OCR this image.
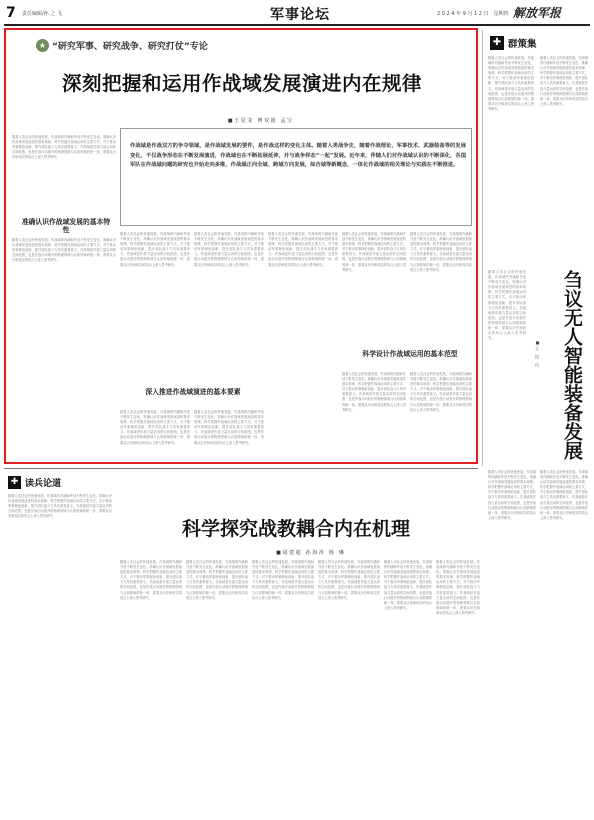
7 责任编辑/孙 之 飞	军事论坛	2 0 2 4 年 9 月 1 2 日　星期四 解放军报
★ “研究军事、研究战争、研究打仗”专论
深刻把握和运用作战域发展演进内在规律
■ 王 显 龙　傅 双 圆　孟 宝
随着人类社会的快速发展，作战域的内涵和外延不断发生变化。准确认识作战域发展演进的基本规律，科学把握作战域运用的主要方式，对于推动军事理论创新、提升部队战斗力具有重要意义。作战域是作战力量运用的空间范围，也是作战行动展开的物理领域与认知领域的统一体，需要从历史和现实的结合上深入思考研究。
作战域是作战双方的争夺领域，是作战域发展的要件，是作战这样的变化主体。随着人类战争史，随着作战理论，军事技术、武器装备等的发展变化，不仅战争形态在不断发展演进，作战域也在不断拓展延伸，并与战争样态“一起”发展。近年来，伴随人们对作战域认识的不断深化，各国军队在作战域问题的研究也开始走向多维，作战域正向全域、跨域方向发展，综合域等新概念，一体化作战域的相关理论与实践在不断推进。
准确认识作战域发展的基本特性
随着人类社会的快速发展，作战域的内涵和外延不断发生变化。准确认识作战域发展演进的基本规律，科学把握作战域运用的主要方式，对于推动军事理论创新、提升部队战斗力具有重要意义。作战域是作战力量运用的空间范围，也是作战行动展开的物理领域与认知领域的统一体，需要从历史和现实的结合上深入思考研究。
随着人类社会的快速发展，作战域的内涵和外延不断发生变化。准确认识作战域发展演进的基本规律，科学把握作战域运用的主要方式，对于推动军事理论创新、提升部队战斗力具有重要意义。作战域是作战力量运用的空间范围，也是作战行动展开的物理领域与认知领域的统一体，需要从历史和现实的结合上深入思考研究。
随着人类社会的快速发展，作战域的内涵和外延不断发生变化。准确认识作战域发展演进的基本规律，科学把握作战域运用的主要方式，对于推动军事理论创新、提升部队战斗力具有重要意义。作战域是作战力量运用的空间范围，也是作战行动展开的物理领域与认知领域的统一体，需要从历史和现实的结合上深入思考研究。
深入推进作战域演进的基本要素
随着人类社会的快速发展，作战域的内涵和外延不断发生变化。准确认识作战域发展演进的基本规律，科学把握作战域运用的主要方式，对于推动军事理论创新、提升部队战斗力具有重要意义。作战域是作战力量运用的空间范围，也是作战行动展开的物理领域与认知领域的统一体，需要从历史和现实的结合上深入思考研究。
随着人类社会的快速发展，作战域的内涵和外延不断发生变化。准确认识作战域发展演进的基本规律，科学把握作战域运用的主要方式，对于推动军事理论创新、提升部队战斗力具有重要意义。作战域是作战力量运用的空间范围，也是作战行动展开的物理领域与认知领域的统一体，需要从历史和现实的结合上深入思考研究。
随着人类社会的快速发展，作战域的内涵和外延不断发生变化。准确认识作战域发展演进的基本规律，科学把握作战域运用的主要方式，对于推动军事理论创新、提升部队战斗力具有重要意义。作战域是作战力量运用的空间范围，也是作战行动展开的物理领域与认知领域的统一体，需要从历史和现实的结合上深入思考研究。
随着人类社会的快速发展，作战域的内涵和外延不断发生变化。准确认识作战域发展演进的基本规律，科学把握作战域运用的主要方式，对于推动军事理论创新、提升部队战斗力具有重要意义。作战域是作战力量运用的空间范围，也是作战行动展开的物理领域与认知领域的统一体，需要从历史和现实的结合上深入思考研究。
科学设计作战域运用的基本范型
随着人类社会的快速发展，作战域的内涵和外延不断发生变化。准确认识作战域发展演进的基本规律，科学把握作战域运用的主要方式，对于推动军事理论创新、提升部队战斗力具有重要意义。作战域是作战力量运用的空间范围，也是作战行动展开的物理领域与认知领域的统一体，需要从历史和现实的结合上深入思考研究。
随着人类社会的快速发展，作战域的内涵和外延不断发生变化。准确认识作战域发展演进的基本规律，科学把握作战域运用的主要方式，对于推动军事理论创新、提升部队战斗力具有重要意义。作战域是作战力量运用的空间范围，也是作战行动展开的物理领域与认知领域的统一体，需要从历史和现实的结合上深入思考研究。
随着人类社会的快速发展，作战域的内涵和外延不断发生变化。准确认识作战域发展演进的基本规律，科学把握作战域运用的主要方式，对于推动军事理论创新、提升部队战斗力具有重要意义。作战域是作战力量运用的空间范围，也是作战行动展开的物理领域与认知领域的统一体，需要从历史和现实的结合上深入思考研究。
✚ 群策集
随着人类社会的快速发展，作战域的内涵和外延不断发生变化。准确认识作战域发展演进的基本规律，科学把握作战域运用的主要方式，对于推动军事理论创新、提升部队战斗力具有重要意义。作战域是作战力量运用的空间范围，也是作战行动展开的物理领域与认知领域的统一体，需要从历史和现实的结合上深入思考研究。
随着人类社会的快速发展，作战域的内涵和外延不断发生变化。准确认识作战域发展演进的基本规律，科学把握作战域运用的主要方式，对于推动军事理论创新、提升部队战斗力具有重要意义。作战域是作战力量运用的空间范围，也是作战行动展开的物理领域与认知领域的统一体，需要从历史和现实的结合上深入思考研究。
刍议无人智能装备发展
■ 王　昆　山
随着人类社会的快速发展，作战域的内涵和外延不断发生变化。准确认识作战域发展演进的基本规律，科学把握作战域运用的主要方式，对于推动军事理论创新、提升部队战斗力具有重要意义。作战域是作战力量运用的空间范围，也是作战行动展开的物理领域与认知领域的统一体，需要从历史和现实的结合上深入思考研究。
随着人类社会的快速发展，作战域的内涵和外延不断发生变化。准确认识作战域发展演进的基本规律，科学把握作战域运用的主要方式，对于推动军事理论创新、提升部队战斗力具有重要意义。作战域是作战力量运用的空间范围，也是作战行动展开的物理领域与认知领域的统一体，需要从历史和现实的结合上深入思考研究。
随着人类社会的快速发展，作战域的内涵和外延不断发生变化。准确认识作战域发展演进的基本规律，科学把握作战域运用的主要方式，对于推动军事理论创新、提升部队战斗力具有重要意义。作战域是作战力量运用的空间范围，也是作战行动展开的物理领域与认知领域的统一体，需要从历史和现实的结合上深入思考研究。
✚ 读兵论道
随着人类社会的快速发展，作战域的内涵和外延不断发生变化。准确认识作战域发展演进的基本规律，科学把握作战域运用的主要方式，对于推动军事理论创新、提升部队战斗力具有重要意义。作战域是作战力量运用的空间范围，也是作战行动展开的物理领域与认知领域的统一体，需要从历史和现实的结合上深入思考研究。
科学探究战教耦合内在机理
■ 胡 建 超　孙 海 涛　杨　琳
随着人类社会的快速发展，作战域的内涵和外延不断发生变化。准确认识作战域发展演进的基本规律，科学把握作战域运用的主要方式，对于推动军事理论创新、提升部队战斗力具有重要意义。作战域是作战力量运用的空间范围，也是作战行动展开的物理领域与认知领域的统一体，需要从历史和现实的结合上深入思考研究。
随着人类社会的快速发展，作战域的内涵和外延不断发生变化。准确认识作战域发展演进的基本规律，科学把握作战域运用的主要方式，对于推动军事理论创新、提升部队战斗力具有重要意义。作战域是作战力量运用的空间范围，也是作战行动展开的物理领域与认知领域的统一体，需要从历史和现实的结合上深入思考研究。
随着人类社会的快速发展，作战域的内涵和外延不断发生变化。准确认识作战域发展演进的基本规律，科学把握作战域运用的主要方式，对于推动军事理论创新、提升部队战斗力具有重要意义。作战域是作战力量运用的空间范围，也是作战行动展开的物理领域与认知领域的统一体，需要从历史和现实的结合上深入思考研究。
随着人类社会的快速发展，作战域的内涵和外延不断发生变化。准确认识作战域发展演进的基本规律，科学把握作战域运用的主要方式，对于推动军事理论创新、提升部队战斗力具有重要意义。作战域是作战力量运用的空间范围，也是作战行动展开的物理领域与认知领域的统一体，需要从历史和现实的结合上深入思考研究。
随着人类社会的快速发展，作战域的内涵和外延不断发生变化。准确认识作战域发展演进的基本规律，科学把握作战域运用的主要方式，对于推动军事理论创新、提升部队战斗力具有重要意义。作战域是作战力量运用的空间范围，也是作战行动展开的物理领域与认知领域的统一体，需要从历史和现实的结合上深入思考研究。
随着人类社会的快速发展，作战域的内涵和外延不断发生变化。准确认识作战域发展演进的基本规律，科学把握作战域运用的主要方式，对于推动军事理论创新、提升部队战斗力具有重要意义。作战域是作战力量运用的空间范围，也是作战行动展开的物理领域与认知领域的统一体，需要从历史和现实的结合上深入思考研究。
